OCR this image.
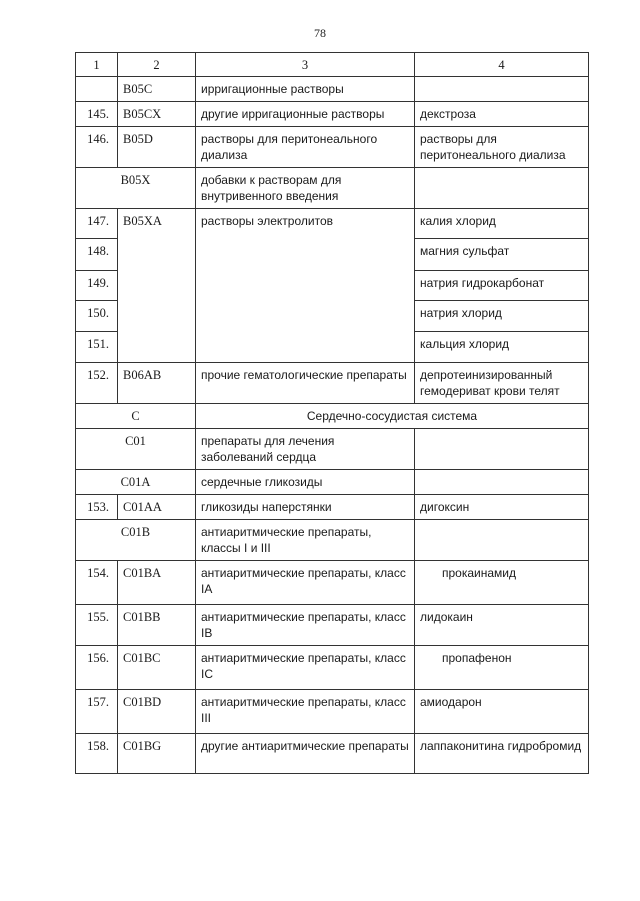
78
1	2	3	4
	B05C	ирригационные растворы	
145.	B05CX	другие ирригационные растворы	декстроза
146.	B05D	растворы для перитонеального диализа	растворы для перитонеального диализа
B05X		добавки к растворам для внутривенного введения	
147.	B05XA	растворы электролитов	калия хлорид
148.			магния сульфат
149.			натрия гидрокарбонат
150.			натрия хлорид
151.			кальция хлорид
152.	B06AB	прочие гематологические препараты	депротеинизированный гемодериват крови телят
C		Сердечно-сосудистая система	
C01		препараты для лечения заболеваний сердца	
C01A		сердечные гликозиды	
153.	C01AA	гликозиды наперстянки	дигоксин
C01B		антиаритмические препараты, классы I и III	
154.	C01BA	антиаритмические препараты, класс IA	прокаинамид
155.	C01BB	антиаритмические препараты, класс IB	лидокаин
156.	C01BC	антиаритмические препараты, класс IC	пропафенон
157.	C01BD	антиаритмические препараты, класс III	амиодарон
158.	C01BG	другие антиаритмические препараты	лаппаконитина гидробромид
